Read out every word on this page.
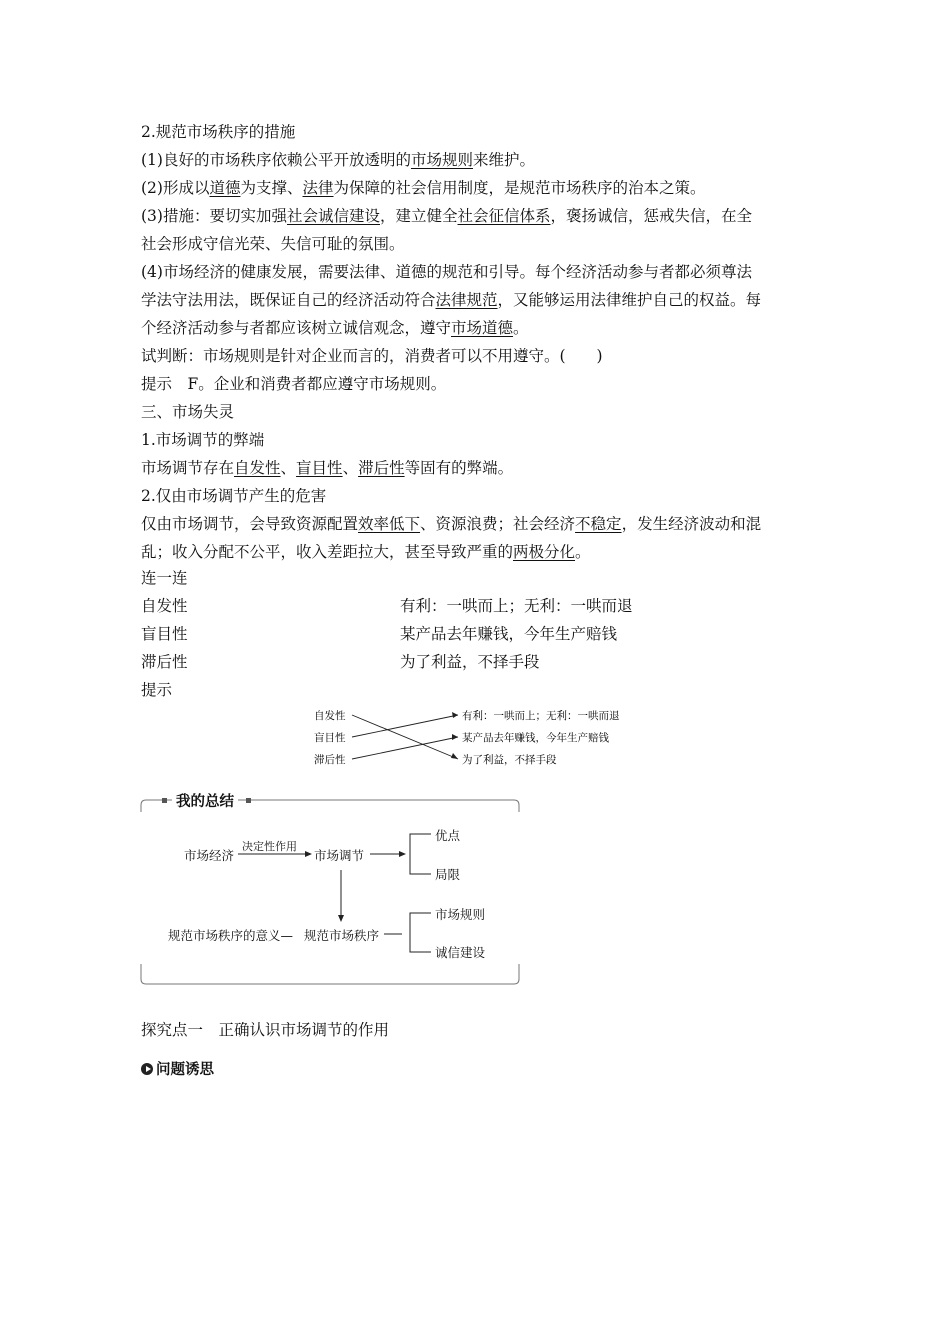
2.规范市场秩序的措施
(1)良好的市场秩序依赖公平开放透明的市场规则来维护。
(2)形成以道德为支撑、法律为保障的社会信用制度，是规范市场秩序的治本之策。
(3)措施：要切实加强社会诚信建设，建立健全社会征信体系，褒扬诚信，惩戒失信，在全
社会形成守信光荣、失信可耻的氛围。
(4)市场经济的健康发展，需要法律、道德的规范和引导。每个经济活动参与者都必须尊法
学法守法用法，既保证自己的经济活动符合法律规范，又能够运用法律维护自己的权益。每
个经济活动参与者都应该树立诚信观念，遵守市场道德。
试判断：市场规则是针对企业而言的，消费者可以不用遵守。(　　)
提示　F。企业和消费者都应遵守市场规则。
三、市场失灵
1.市场调节的弊端
市场调节存在自发性、盲目性、滞后性等固有的弊端。
2.仅由市场调节产生的危害
仅由市场调节，会导致资源配置效率低下、资源浪费；社会经济不稳定，发生经济波动和混
乱；收入分配不公平，收入差距拉大，甚至导致严重的两极分化。
连一连
自发性
盲目性
滞后性
有利：一哄而上；无利：一哄而退
某产品去年赚钱，今年生产赔钱
为了利益，不择手段
提示
自发性
盲目性
滞后性
有利：一哄而上；无利：一哄而退
某产品去年赚钱，今年生产赔钱
为了利益，不择手段
我的总结
市场经济
决定性作用
市场调节
优点
局限
规范市场秩序的意义— 规范市场秩序
市场规则
诚信建设
探究点一　正确认识市场调节的作用
问题诱思
